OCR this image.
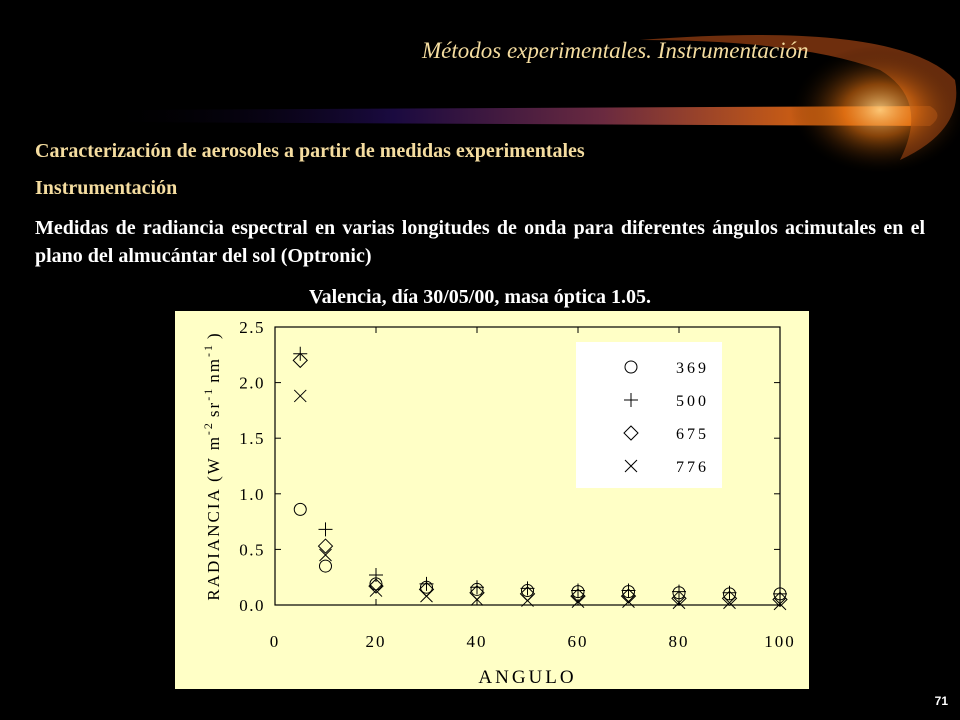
Métodos experimentales. Instrumentación
Caracterización de aerosoles a partir de medidas experimentales
Instrumentación
Medidas de radiancia espectral en varias longitudes de onda para diferentes ángulos acimutales en el plano del almucántar del sol (Optronic)
Valencia, día 30/05/00, masa óptica 1.05.
0	20	40	60	80	100
0.0
0.5
1.0
1.5
2.0
2.5
ANGULO
RADIANCIA (W $m^{-2}sr^{-1}nm^{-1}$)
369
500
675
776
71
